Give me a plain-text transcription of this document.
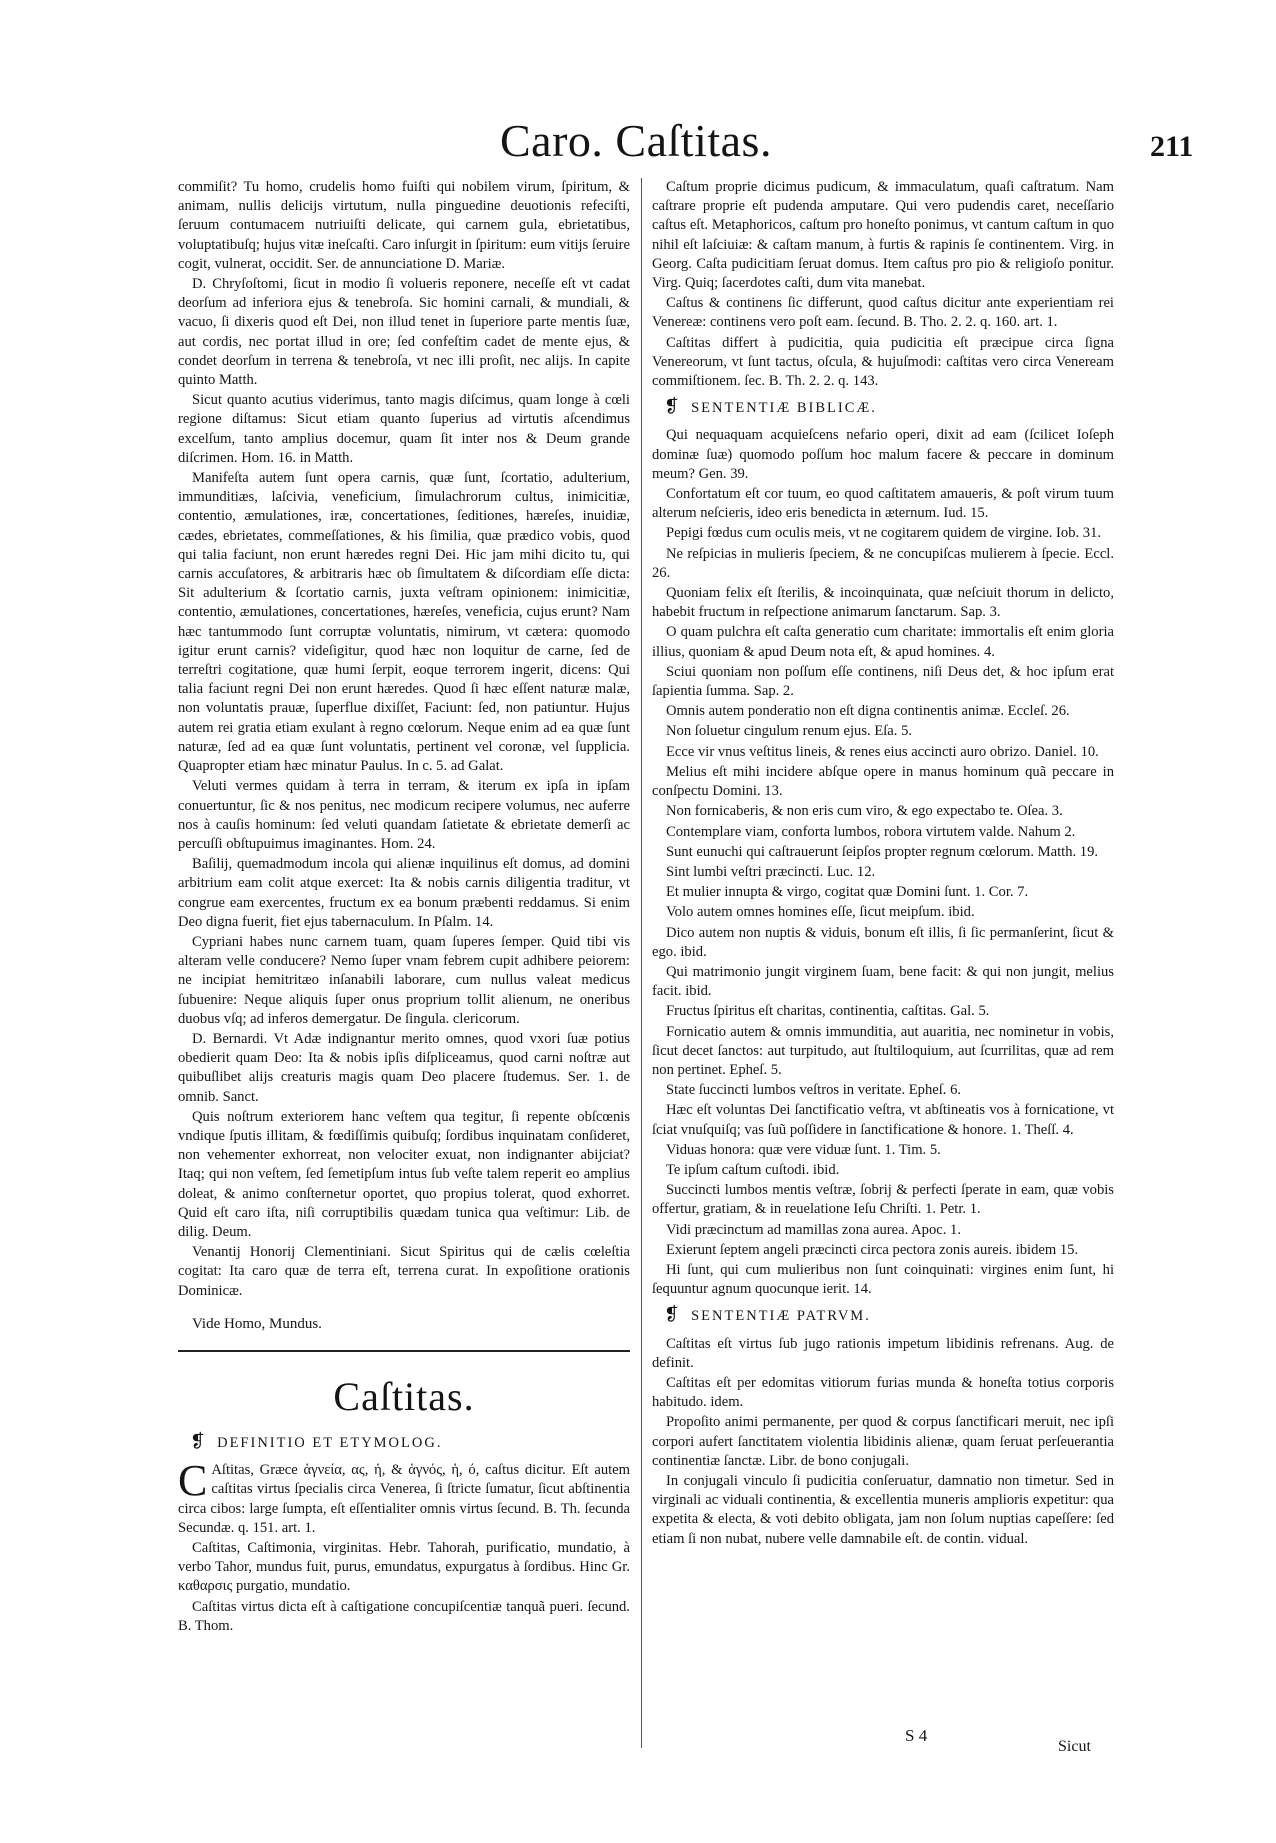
Caro. Caſtitas.	211

commiſit? Tu homo, crudelis homo fuiſti qui nobilem virum, ſpiritum, & animam, nullis delicijs virtutum, nulla pinguedine deuotionis refeciſti, ſeruum contumacem nutriuiſti delicate, qui carnem gula, ebrietatibus, voluptatibuſq; hujus vitæ ineſcaſti. Caro inſurgit in ſpiritum: eum vitijs ſeruire cogit, vulnerat, occidit. Ser. de annunciatione D. Mariæ.

D. Chryſoſtomi, ſicut in modio ſi volueris reponere, neceſſe eſt vt cadat deorſum ad inferiora ejus & tenebroſa. Sic homini carnali, & mundiali, & vacuo, ſi dixeris quod eſt Dei, non illud tenet in ſuperiore parte mentis ſuæ, aut cordis, nec portat illud in ore; ſed confeſtim cadet de mente ejus, & condet deorſum in terrena & tenebroſa, vt nec illi proſit, nec alijs. In capite quinto Matth.

Sicut quanto acutius viderimus, tanto magis diſcimus, quam longe à cœli regione diſtamus: Sicut etiam quanto ſuperius ad virtutis aſcendimus excelſum, tanto amplius docemur, quam ſit inter nos & Deum grande diſcrimen. Hom. 16. in Matth.

Manifeſta autem ſunt opera carnis, quæ ſunt, ſcortatio, adulterium, immunditiæs, laſcivia, veneficium, ſimulachrorum cultus, inimicitiæ, contentio, æmulationes, iræ, concertationes, ſeditiones, hæreſes, inuidiæ, cædes, ebrietates, commeſſationes, & his ſimilia, quæ prædico vobis, quod qui talia faciunt, non erunt hæredes regni Dei. Hic jam mihi dicito tu, qui carnis accuſatores, & arbitraris hæc ob ſimultatem & diſcordiam eſſe dicta: Sit adulterium & ſcortatio carnis, juxta veſtram opinionem: inimicitiæ, contentio, æmulationes, concertationes, hæreſes, veneficia, cujus erunt? Nam hæc tantummodo ſunt corruptæ voluntatis, nimirum, vt cætera: quomodo igitur erunt carnis? videſigitur, quod hæc non loquitur de carne, ſed de terreſtri cogitatione, quæ humi ſerpit, eoque terrorem ingerit, dicens: Qui talia faciunt regni Dei non erunt hæredes. Quod ſi hæc eſſent naturæ malæ, non voluntatis prauæ, ſuperflue dixiſſet, Faciunt: ſed, non patiuntur. Hujus autem rei gratia etiam exulant à regno cœlorum. Neque enim ad ea quæ ſunt naturæ, ſed ad ea quæ ſunt voluntatis, pertinent vel coronæ, vel ſupplicia. Quapropter etiam hæc minatur Paulus. In c. 5. ad Galat.

Veluti vermes quidam à terra in terram, & iterum ex ipſa in ipſam conuertuntur, ſic & nos penitus, nec modicum recipere volumus, nec auferre nos à cauſis hominum: ſed veluti quandam ſatietate & ebrietate demerſi ac percuſſi obſtupuimus imaginantes. Hom. 24.

Baſilij, quemadmodum incola qui alienæ inquilinus eſt domus, ad domini arbitrium eam colit atque exercet: Ita & nobis carnis diligentia traditur, vt congrue eam exercentes, fructum ex ea bonum præbenti reddamus. Si enim Deo digna fuerit, fiet ejus tabernaculum. In Pſalm. 14.

Cypriani habes nunc carnem tuam, quam ſuperes ſemper. Quid tibi vis alteram velle conducere? Nemo ſuper vnam febrem cupit adhibere peiorem: ne incipiat hemitritæo inſanabili laborare, cum nullus valeat medicus ſubuenire: Neque aliquis ſuper onus proprium tollit alienum, ne oneribus duobus vſq; ad inferos demergatur. De ſingula. clericorum.

D. Bernardi. Vt Adæ indignantur merito omnes, quod vxori ſuæ potius obedierit quam Deo: Ita & nobis ipſis diſpliceamus, quod carni noſtræ aut quibuſlibet alijs creaturis magis quam Deo placere ſtudemus. Ser. 1. de omnib. Sanct.

Quis noſtrum exteriorem hanc veſtem qua tegitur, ſi repente obſcœnis vndique ſputis illitam, & fœdiſſimis quibuſq; ſordibus inquinatam conſideret, non vehementer exhorreat, non velociter exuat, non indignanter abijciat? Itaq; qui non veſtem, ſed ſemetipſum intus ſub veſte talem reperit eo amplius doleat, & animo conſternetur oportet, quo propius tolerat, quod exhorret. Quid eſt caro iſta, niſi corruptibilis quædam tunica qua veſtimur: Lib. de dilig. Deum.

Venantij Honorij Clementiniani. Sicut Spiritus qui de cælis cœleſtia cogitat: Ita caro quæ de terra eſt, terrena curat. In expoſitione orationis Dominicæ.

Vide Homo, Mundus.

Caſtitas.
❡ DEFINITIO ET ETYMOLOG.

C Aſtitas, Græce ἁγνεία, ας, ἡ, & ἁγνός, ἡ, ό, caſtus dicitur. Eſt autem caſtitas virtus ſpecialis circa Venerea, ſi ſtricte ſumatur, ſicut abſtinentia circa cibos: large ſumpta, eſt eſſentialiter omnis virtus ſecund. B. Th. ſecunda Secundæ. q. 151. art. 1.

Caſtitas, Caſtimonia, virginitas. Hebr. Tahorah, purificatio, mundatio, à verbo Tahor, mundus fuit, purus, emundatus, expurgatus à ſordibus. Hinc Gr. καθαρσις purgatio, mundatio.

Caſtitas virtus dicta eſt à caſtigatione concupiſcentiæ tanquã pueri. ſecund. B. Thom.

Caſtum proprie dicimus pudicum, & immaculatum, quaſi caſtratum. Nam caſtrare proprie eſt pudenda amputare. Qui vero pudendis caret, neceſſario caſtus eſt. Metaphoricos, caſtum pro honeſto ponimus, vt cantum caſtum in quo nihil eſt laſciuiæ: & caſtam manum, à furtis & rapinis ſe continentem. Virg. in Georg. Caſta pudicitiam ſeruat domus. Item caſtus pro pio & religioſo ponitur. Virg. Quiq; ſacerdotes caſti, dum vita manebat.

Caſtus & continens ſic differunt, quod caſtus dicitur ante experientiam rei Venereæ: continens vero poſt eam. ſecund. B. Tho. 2. 2. q. 160. art. 1.

Caſtitas differt à pudicitia, quia pudicitia eſt præcipue circa ſigna Venereorum, vt ſunt tactus, oſcula, & hujuſmodi: caſtitas vero circa Veneream commiſtionem. ſec. B. Th. 2. 2. q. 143.

❡ SENTENTIÆ BIBLICÆ.

Qui nequaquam acquieſcens nefario operi, dixit ad eam (ſcilicet Ioſeph dominæ ſuæ) quomodo poſſum hoc malum facere & peccare in dominum meum? Gen. 39.

Confortatum eſt cor tuum, eo quod caſtitatem amaueris, & poſt virum tuum alterum neſcieris, ideo eris benedicta in æternum. Iud. 15.

Pepigi fœdus cum oculis meis, vt ne cogitarem quidem de virgine. Iob. 31.

Ne reſpicias in mulieris ſpeciem, & ne concupiſcas mulierem à ſpecie. Eccl. 26.

Quoniam felix eſt ſterilis, & incoinquinata, quæ neſciuit thorum in delicto, habebit fructum in reſpectione animarum ſanctarum. Sap. 3.

O quam pulchra eſt caſta generatio cum charitate: immortalis eſt enim gloria illius, quoniam & apud Deum nota eſt, & apud homines. 4.

Sciui quoniam non poſſum eſſe continens, niſi Deus det, & hoc ipſum erat ſapientia ſumma. Sap. 2.

Omnis autem ponderatio non eſt digna continentis animæ. Eccleſ. 26.

Non ſoluetur cingulum renum ejus. Eſa. 5.

Ecce vir vnus veſtitus lineis, & renes eius accincti auro obrizo. Daniel. 10.

Melius eſt mihi incidere abſque opere in manus hominum quã peccare in conſpectu Domini. 13.

Non fornicaberis, & non eris cum viro, & ego expectabo te. Oſea. 3.

Contemplare viam, conforta lumbos, robora virtutem valde. Nahum 2.

Sunt eunuchi qui caſtrauerunt ſeipſos propter regnum cœlorum. Matth. 19.

Sint lumbi veſtri præcincti. Luc. 12.

Et mulier innupta & virgo, cogitat quæ Domini ſunt. 1. Cor. 7.

Volo autem omnes homines eſſe, ſicut meipſum. ibid.

Dico autem non nuptis & viduis, bonum eſt illis, ſi ſic permanſerint, ſicut & ego. ibid.

Qui matrimonio jungit virginem ſuam, bene facit: & qui non jungit, melius facit. ibid.

Fructus ſpiritus eſt charitas, continentia, caſtitas. Gal. 5.

Fornicatio autem & omnis immunditia, aut auaritia, nec nominetur in vobis, ſicut decet ſanctos: aut turpitudo, aut ſtultiloquium, aut ſcurrilitas, quæ ad rem non pertinet. Epheſ. 5.

State ſuccincti lumbos veſtros in veritate. Epheſ. 6.

Hæc eſt voluntas Dei ſanctificatio veſtra, vt abſtineatis vos à fornicatione, vt ſciat vnuſquiſq; vas ſuũ poſſidere in ſanctificatione & honore. 1. Theſſ. 4.

Viduas honora: quæ vere viduæ ſunt. 1. Tim. 5.

Te ipſum caſtum cuſtodi. ibid.

Succincti lumbos mentis veſtræ, ſobrij & perfecti ſperate in eam, quæ vobis offertur, gratiam, & in reuelatione Ieſu Chriſti. 1. Petr. 1.

Vidi præcinctum ad mamillas zona aurea. Apoc. 1.

Exierunt ſeptem angeli præcincti circa pectora zonis aureis. ibidem 15.

Hi ſunt, qui cum mulieribus non ſunt coinquinati: virgines enim ſunt, hi ſequuntur agnum quocunque ierit. 14.

❡ SENTENTIÆ PATRVM.

Caſtitas eſt virtus ſub jugo rationis impetum libidinis refrenans. Aug. de definit.

Caſtitas eſt per edomitas vitiorum furias munda & honeſta totius corporis habitudo. idem.

Propoſito animi permanente, per quod & corpus ſanctificari meruit, nec ipſi corpori aufert ſanctitatem violentia libidinis alienæ, quam ſeruat perſeuerantia continentiæ ſanctæ. Libr. de bono conjugali.

In conjugali vinculo ſi pudicitia conſeruatur, damnatio non timetur. Sed in virginali ac viduali continentia, & excellentia muneris amplioris expetitur: qua expetita & electa, & voti debito obligata, jam non ſolum nuptias capeſſere: ſed etiam ſi non nubat, nubere velle damnabile eſt. de contin. vidual.

S 4
Sicut
